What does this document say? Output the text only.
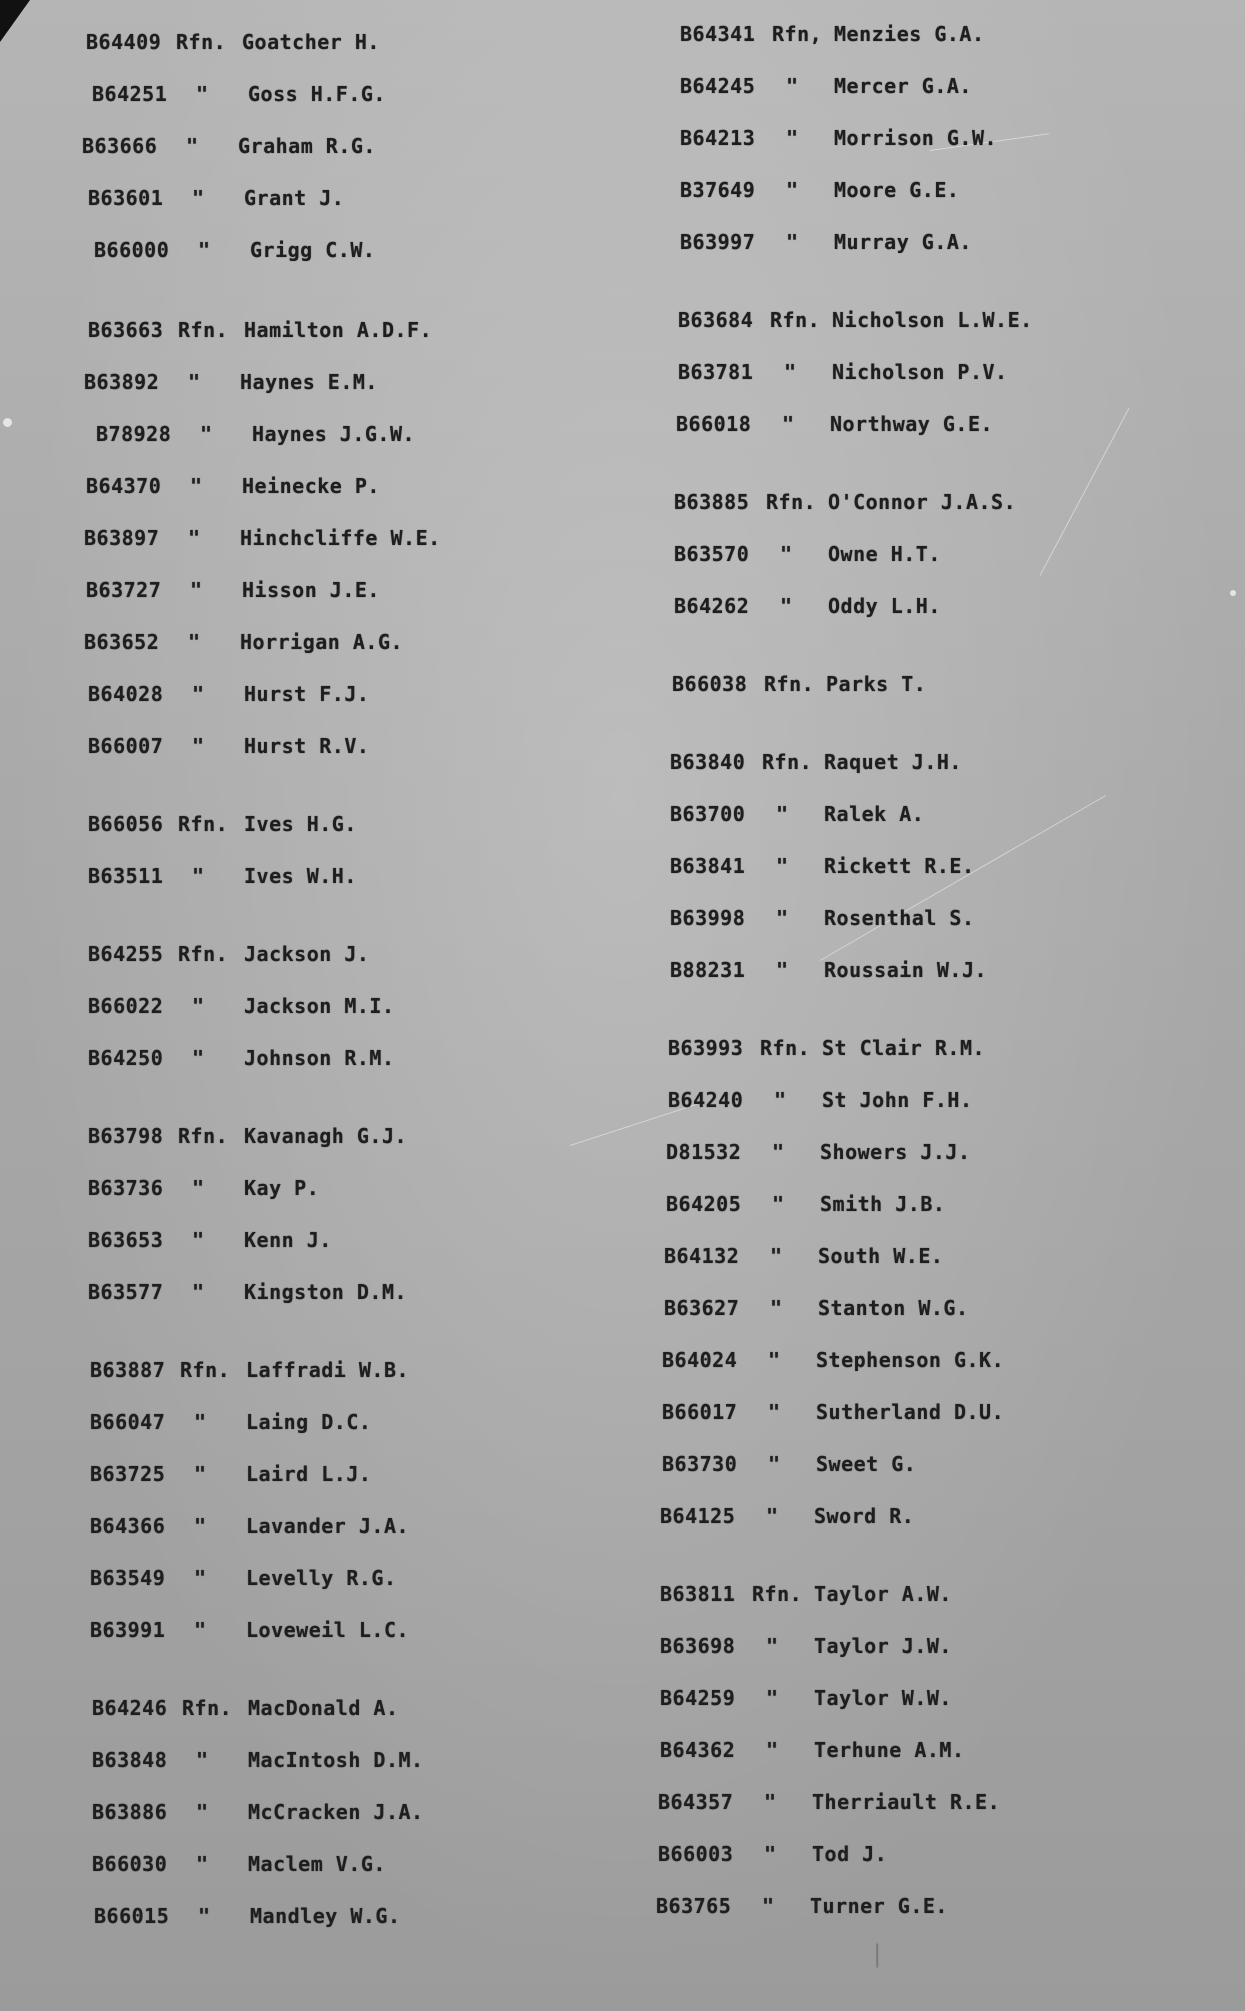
|
B64409 Rfn. Goatcher H.
B64251 " Goss H.F.G.
B63666 " Graham R.G.
B63601 " Grant J.
B66000 " Grigg C.W.
B63663 Rfn. Hamilton A.D.F.
B63892 " Haynes E.M.
B78928 " Haynes J.G.W.
B64370 " Heinecke P.
B63897 " Hinchcliffe W.E.
B63727 " Hisson J.E.
B63652 " Horrigan A.G.
B64028 " Hurst F.J.
B66007 " Hurst R.V.
B66056 Rfn. Ives H.G.
B63511 " Ives W.H.
B64255 Rfn. Jackson J.
B66022 " Jackson M.I.
B64250 " Johnson R.M.
B63798 Rfn. Kavanagh G.J.
B63736 " Kay P.
B63653 " Kenn J.
B63577 " Kingston D.M.
B63887 Rfn. Laffradi W.B.
B66047 " Laing D.C.
B63725 " Laird L.J.
B64366 " Lavander J.A.
B63549 " Levelly R.G.
B63991 " Loveweil L.C.
B64246 Rfn. MacDonald A.
B63848 " MacIntosh D.M.
B63886 " McCracken J.A.
B66030 " Maclem V.G.
B66015 " Mandley W.G.
B64341 Rfn, Menzies G.A.
B64245 " Mercer G.A.
B64213 " Morrison G.W.
B37649 " Moore G.E.
B63997 " Murray G.A.
B63684 Rfn. Nicholson L.W.E.
B63781 " Nicholson P.V.
B66018 " Northway G.E.
B63885 Rfn. O'Connor J.A.S.
B63570 " Owne H.T.
B64262 " Oddy L.H.
B66038 Rfn. Parks T.
B63840 Rfn. Raquet J.H.
B63700 " Ralek A.
B63841 " Rickett R.E.
B63998 " Rosenthal S.
B88231 " Roussain W.J.
B63993 Rfn. St Clair R.M.
B64240 " St John F.H.
D81532 " Showers J.J.
B64205 " Smith J.B.
B64132 " South W.E.
B63627 " Stanton W.G.
B64024 " Stephenson G.K.
B66017 " Sutherland D.U.
B63730 " Sweet G.
B64125 " Sword R.
B63811 Rfn. Taylor A.W.
B63698 " Taylor J.W.
B64259 " Taylor W.W.
B64362 " Terhune A.M.
B64357 " Therriault R.E.
B66003 " Tod J.
B63765 " Turner G.E.
